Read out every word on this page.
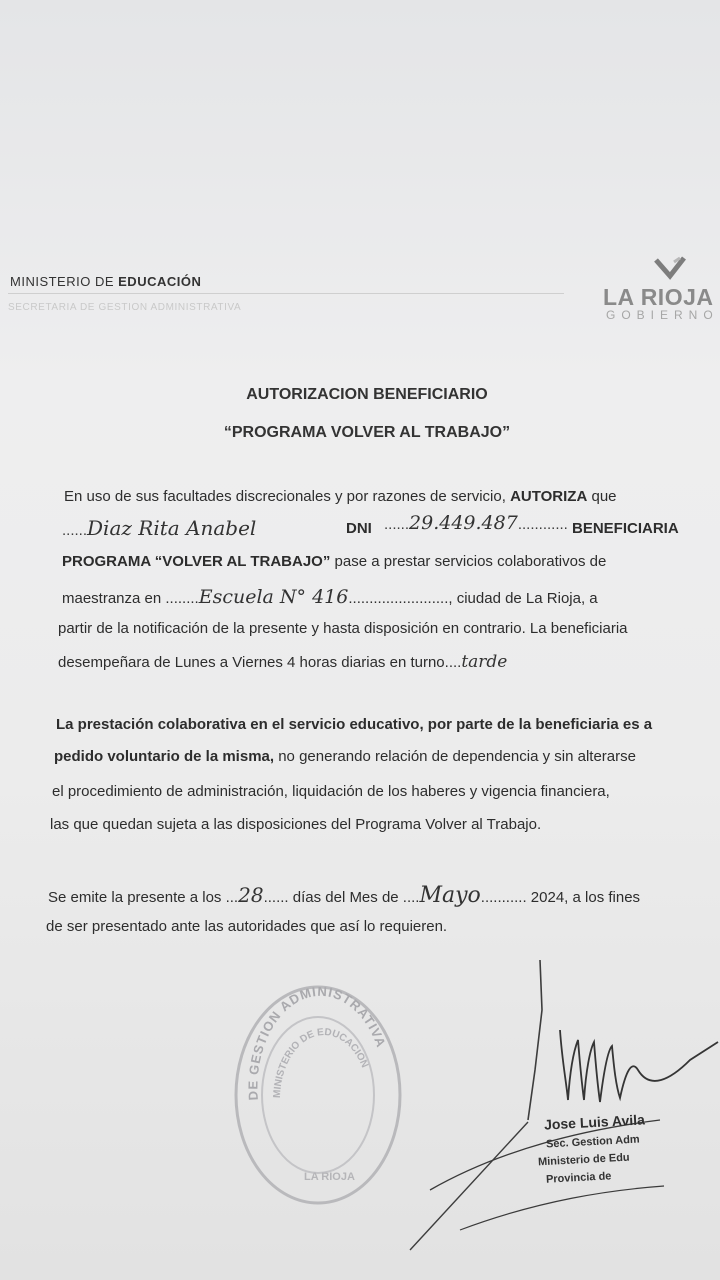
MINISTERIO DE EDUCACIÓN
SECRETARIA DE GESTION ADMINISTRATIVA	LA RIOJA
GOBIERNO
AUTORIZACION BENEFICIARIO
“PROGRAMA VOLVER AL TRABAJO”
En uso de sus facultades discrecionales y por razones de servicio, AUTORIZA que
......Diaz Rita Anabel	DNI ......29.449.487............ BENEFICIARIA
PROGRAMA “VOLVER AL TRABAJO” pase a prestar servicios colaborativos de
maestranza en ........Escuela N° 416........................, ciudad de La Rioja, a
partir de la notificación de la presente y hasta disposición en contrario. La beneficiaria
desempeñara de Lunes a Viernes 4 horas diarias en turno....tarde
La prestación colaborativa en el servicio educativo, por parte de la beneficiaria es a
pedido voluntario de la misma, no generando relación de dependencia y sin alterarse
el procedimiento de administración, liquidación de los haberes y vigencia financiera,
las que quedan sujeta a las disposiciones del Programa Volver al Trabajo.
Se emite la presente a los ...28...... días del Mes de ....Mayo........... 2024, a los fines
de ser presentado ante las autoridades que así lo requieren.
DE GESTION ADMINISTRATIVA
MINISTERIO DE EDUCACION
LA RIOJA
Jose Luis Avila
Sec. Gestion Adm
Ministerio de Edu
Provincia de
